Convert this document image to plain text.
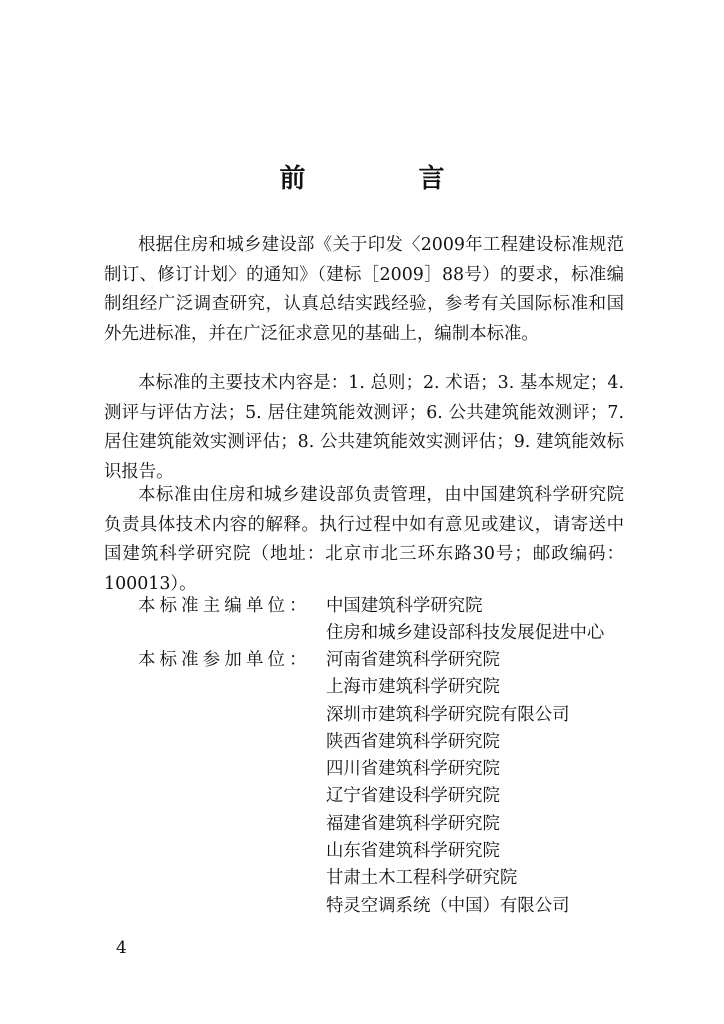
前 言

根据住房和城乡建设部《关于印发〈2009年工程建设标准规范制订、修订计划〉的通知》（建标［2009］88号）的要求，标准编制组经广泛调查研究，认真总结实践经验，参考有关国际标准和国外先进标准，并在广泛征求意见的基础上，编制本标准。

本标准的主要技术内容是：1. 总则；2. 术语；3. 基本规定；4. 测评与评估方法；5. 居住建筑能效测评；6. 公共建筑能效测评；7. 居住建筑能效实测评估；8. 公共建筑能效实测评估；9. 建筑能效标识报告。

本标准由住房和城乡建设部负责管理，由中国建筑科学研究院负责具体技术内容的解释。执行过程中如有意见或建议，请寄送中国建筑科学研究院（地址：北京市北三环东路30号；邮政编码：100013）。

本标准主编单位： 中国建筑科学研究院
住房和城乡建设部科技发展促进中心
本标准参加单位： 河南省建筑科学研究院
上海市建筑科学研究院
深圳市建筑科学研究院有限公司
陕西省建筑科学研究院
四川省建筑科学研究院
辽宁省建设科学研究院
福建省建筑科学研究院
山东省建筑科学研究院
甘肃土木工程科学研究院
特灵空调系统（中国）有限公司
4
